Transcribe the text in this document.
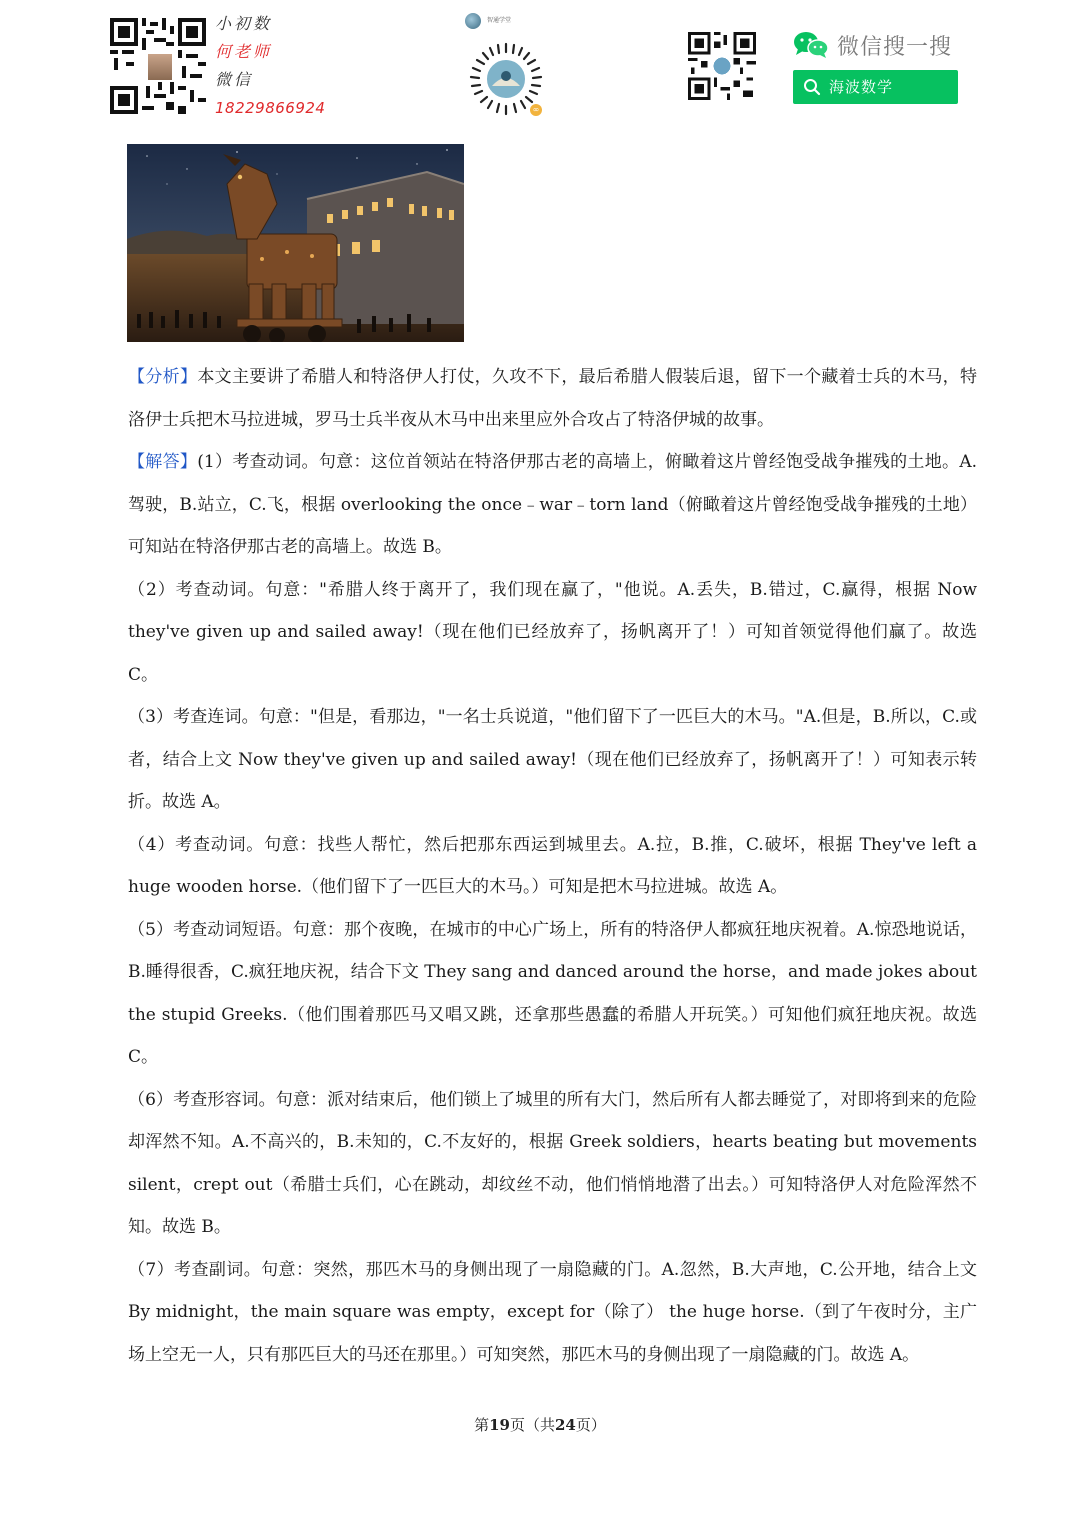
小初数
何老师
微信
18229866924
智通学堂
∞
微信搜一搜
海波数学

【分析】本文主要讲了希腊人和特洛伊人打仗，久攻不下，最后希腊人假装后退，留下一个藏着士兵的木马，特洛伊士兵把木马拉进城，罗马士兵半夜从木马中出来里应外合攻占了特洛伊城的故事。

【解答】(1）考查动词。句意：这位首领站在特洛伊那古老的高墙上，俯瞰着这片曾经饱受战争摧残的土地。A.驾驶，B.站立，C.飞，根据 overlooking the once﹣war﹣torn land（俯瞰着这片曾经饱受战争摧残的土地）可知站在特洛伊那古老的高墙上。故选 B。

（2）考查动词。句意："希腊人终于离开了，我们现在赢了，"他说。A.丢失，B.错过，C.赢得，根据 Now they've given up and sailed away!（现在他们已经放弃了，扬帆离开了！）可知首领觉得他们赢了。故选 C。

（3）考查连词。句意："但是，看那边，"一名士兵说道，"他们留下了一匹巨大的木马。"A.但是，B.所以，C.或者，结合上文 Now they've given up and sailed away!（现在他们已经放弃了，扬帆离开了！）可知表示转折。故选 A。

（4）考查动词。句意：找些人帮忙，然后把那东西运到城里去。A.拉，B.推，C.破坏，根据 They've left a huge wooden horse.（他们留下了一匹巨大的木马。）可知是把木马拉进城。故选 A。

（5）考查动词短语。句意：那个夜晚，在城市的中心广场上，所有的特洛伊人都疯狂地庆祝着。A.惊恐地说话，B.睡得很香，C.疯狂地庆祝，结合下文 They sang and danced around the horse，and made jokes about the stupid Greeks.（他们围着那匹马又唱又跳，还拿那些愚蠢的希腊人开玩笑。）可知他们疯狂地庆祝。故选 C。

（6）考查形容词。句意：派对结束后，他们锁上了城里的所有大门，然后所有人都去睡觉了，对即将到来的危险却浑然不知。A.不高兴的，B.未知的，C.不友好的，根据 Greek soldiers，hearts beating but movements silent，crept out（希腊士兵们，心在跳动，却纹丝不动，他们悄悄地潜了出去。）可知特洛伊人对危险浑然不知。故选 B。

（7）考查副词。句意：突然，那匹木马的身侧出现了一扇隐藏的门。A.忽然，B.大声地，C.公开地，结合上文 By midnight，the main square was empty，except for（除了） the huge horse.（到了午夜时分，主广场上空无一人，只有那匹巨大的马还在那里。）可知突然，那匹木马的身侧出现了一扇隐藏的门。故选 A。

第19页（共24页）
